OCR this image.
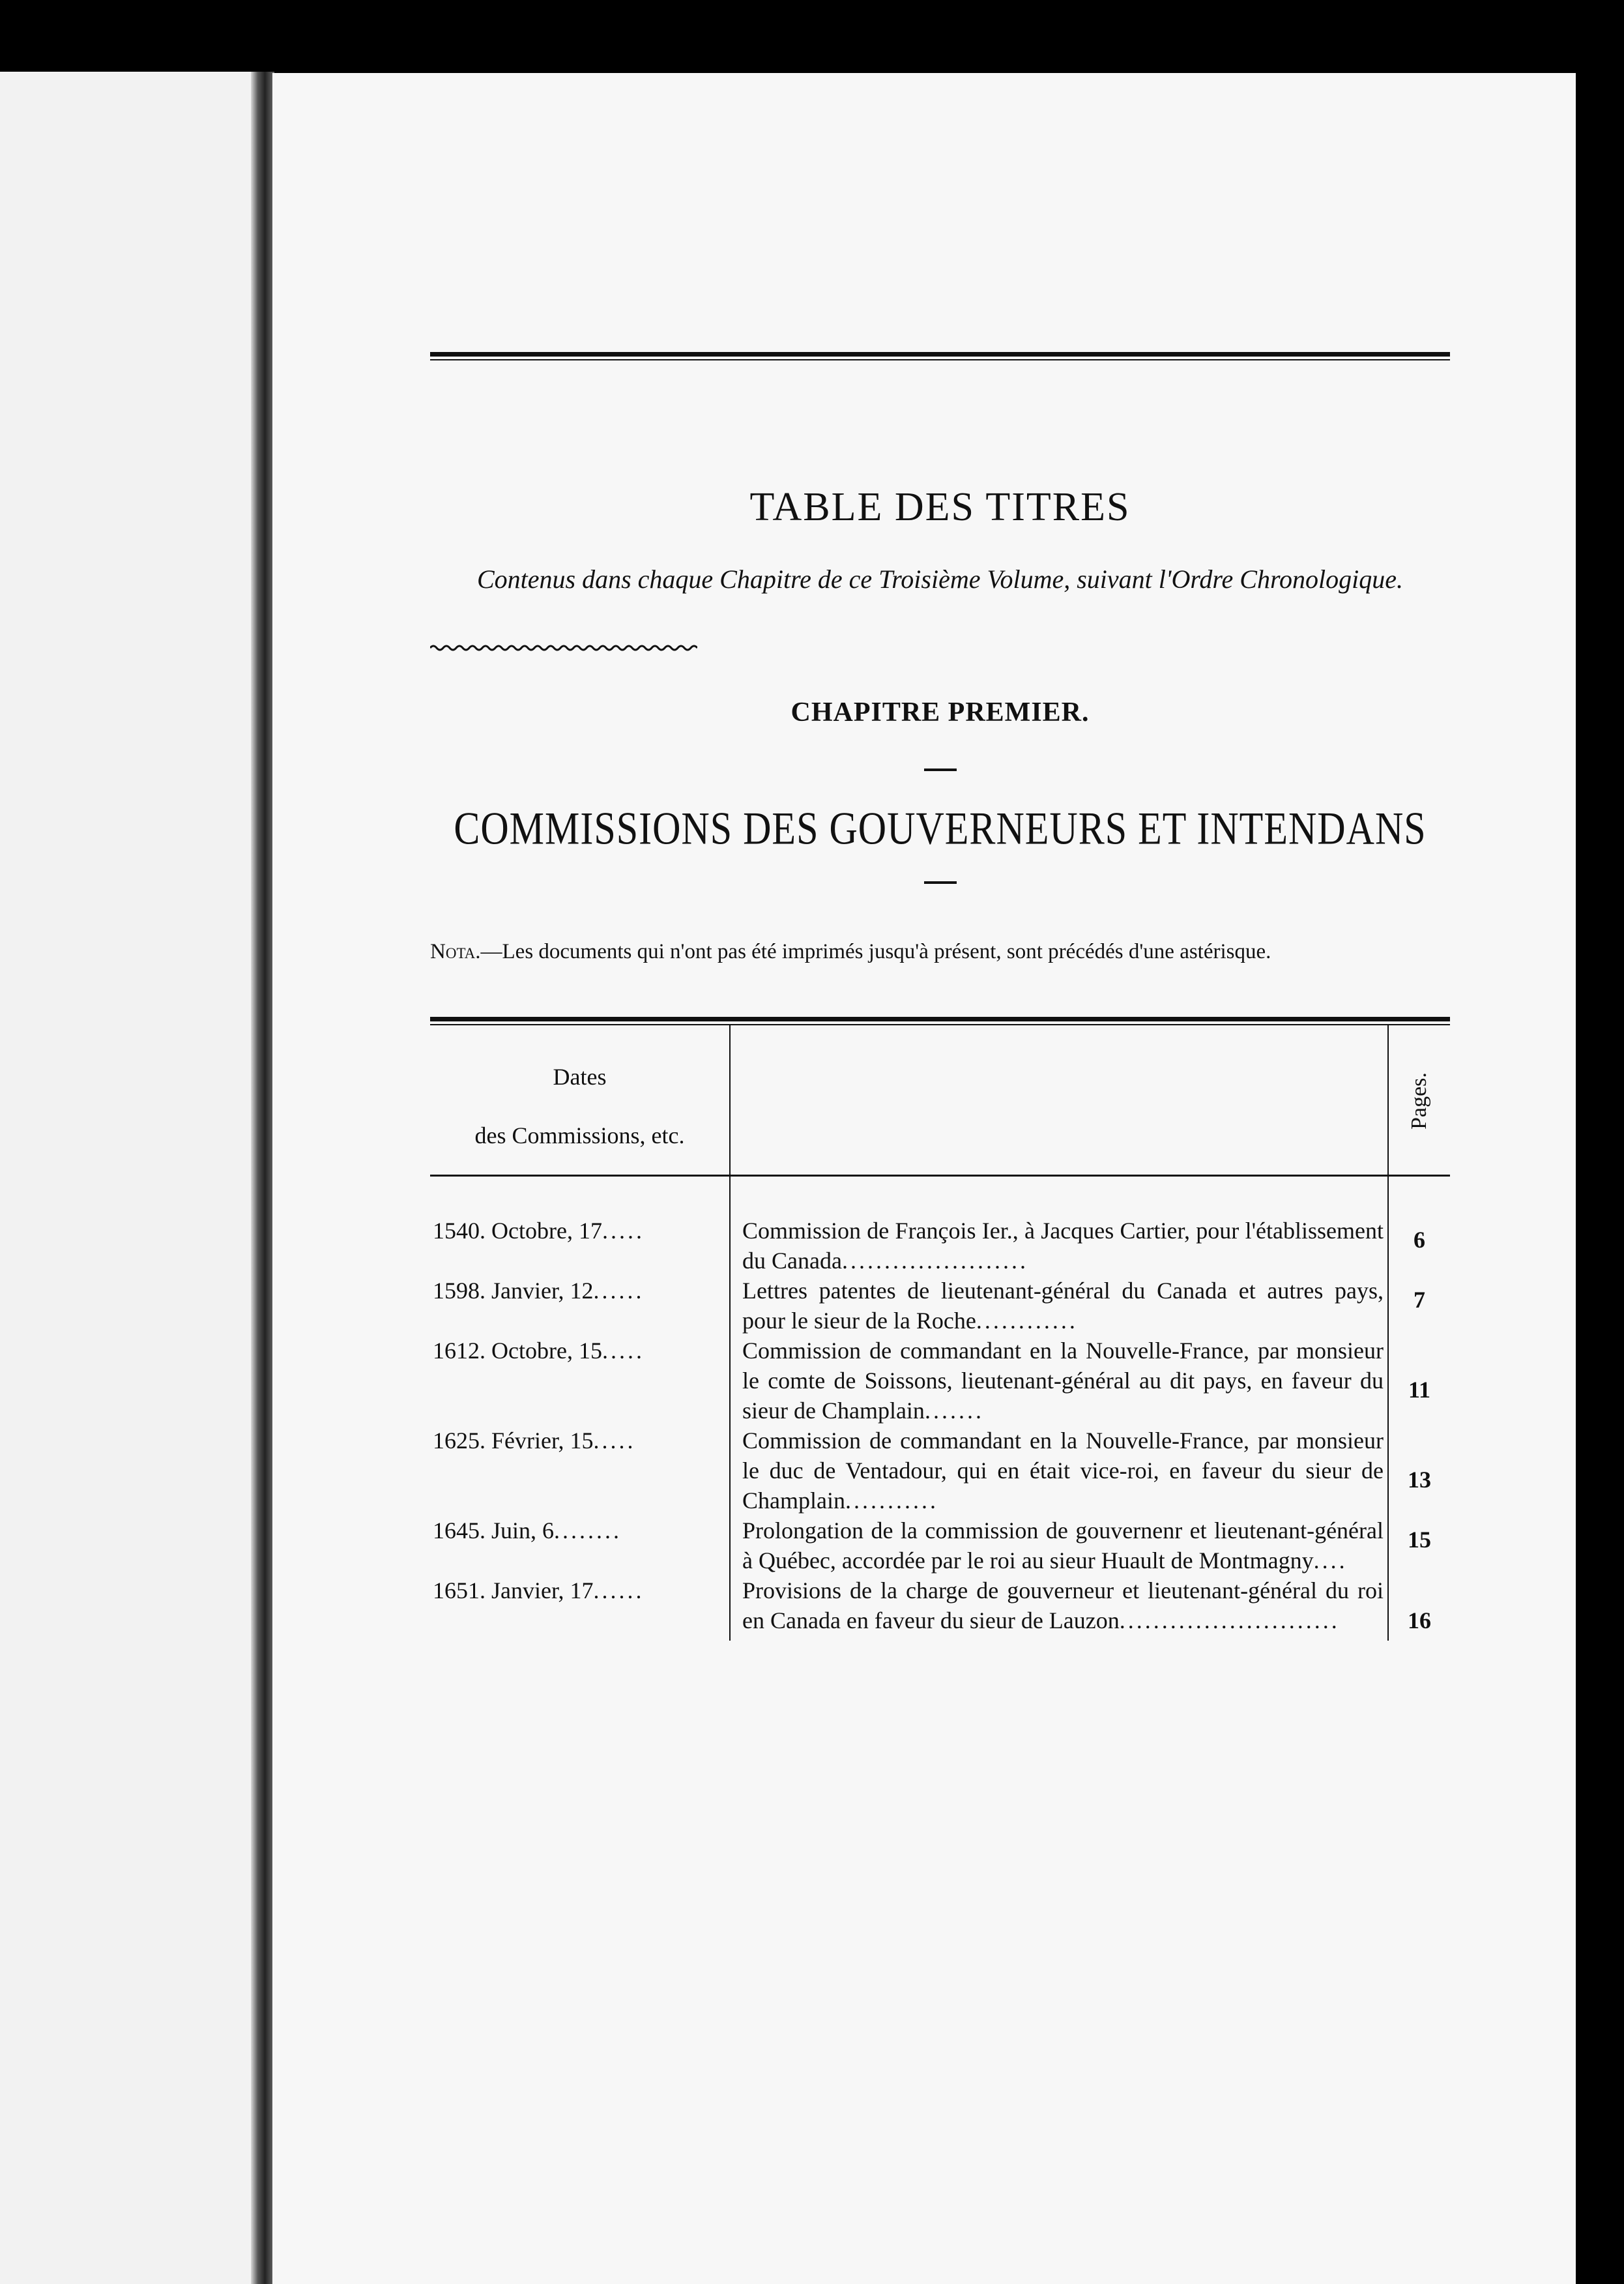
TABLE DES TITRES
Contenus dans chaque Chapitre de ce Troisième Volume, suivant l'Ordre Chronologique.
CHAPITRE PREMIER.
COMMISSIONS DES GOUVERNEURS ET INTENDANS
Nota.—Les documents qui n'ont pas été imprimés jusqu'à présent, sont précédés d'une astérisque.
Dates
des Commissions, etc.		Pages.
1540. Octobre, 17.....	Commission de François Ier., à Jacques Cartier, pour l'établissement du Canada......................	6
1598. Janvier, 12......	Lettres patentes de lieutenant-général du Canada et autres pays, pour le sieur de la Roche............	7
1612. Octobre, 15.....	Commission de commandant en la Nouvelle-France, par monsieur le comte de Soissons, lieutenant-général au dit pays, en faveur du sieur de Champlain.......	11
1625. Février, 15.....	Commission de commandant en la Nouvelle-France, par monsieur le duc de Ventadour, qui en était vice-roi, en faveur du sieur de Champlain...........	13
1645. Juin, 6........	Prolongation de la commission de gouvernenr et lieutenant-général à Québec, accordée par le roi au sieur Huault de Montmagny....	15
1651. Janvier, 17......	Provisions de la charge de gouverneur et lieutenant-général du roi en Canada en faveur du sieur de Lauzon..........................	16
